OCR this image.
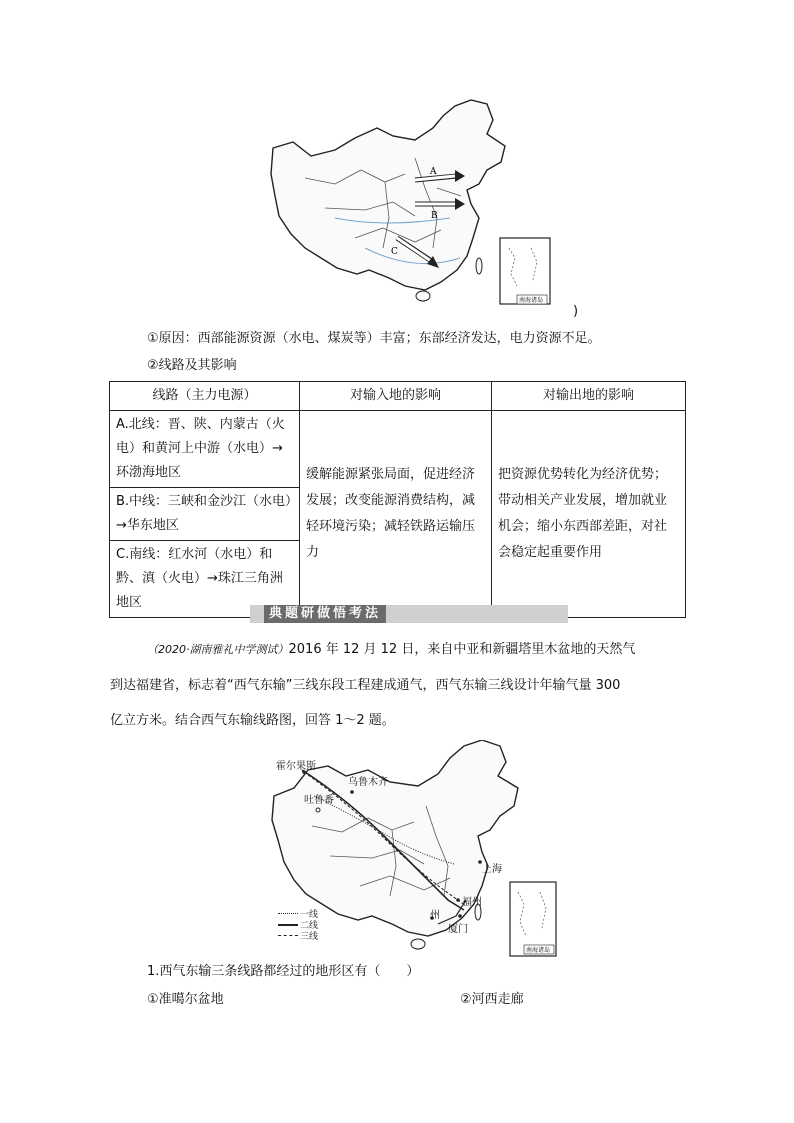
A
B
C
南海诸岛
)
①原因：西部能源资源（水电、煤炭等）丰富；东部经济发达，电力资源不足。
②线路及其影响
线路（主力电源）	对输入地的影响	对输出地的影响
A.北线：晋、陕、内蒙古（火电）和黄河上中游（水电）→环渤海地区	缓解能源紧张局面，促进经济发展；改变能源消费结构，减轻环境污染；减轻铁路运输压力	把资源优势转化为经济优势；带动相关产业发展，增加就业机会；缩小东西部差距，对社会稳定起重要作用
B.中线：三峡和金沙江（水电）→华东地区		
C.南线：红水河（水电）和黔、滇（火电）→珠江三角洲地区		
典题研做悟考法
（2020·湖南雅礼中学测试）2016 年 12 月 12 日，来自中亚和新疆塔里木盆地的天然气
到达福建省，标志着“西气东输”三线东段工程建成通气，西气东输三线设计年输气量 300
亿立方米。结合西气东输线路图，回答 1～2 题。
南海诸岛
霍尔果斯
乌鲁木齐
吐鲁番
上海
福州
厦门
州
一线
二线
三线
1.西气东输三条线路都经过的地形区有（　　）
①准噶尔盆地	②河西走廊
